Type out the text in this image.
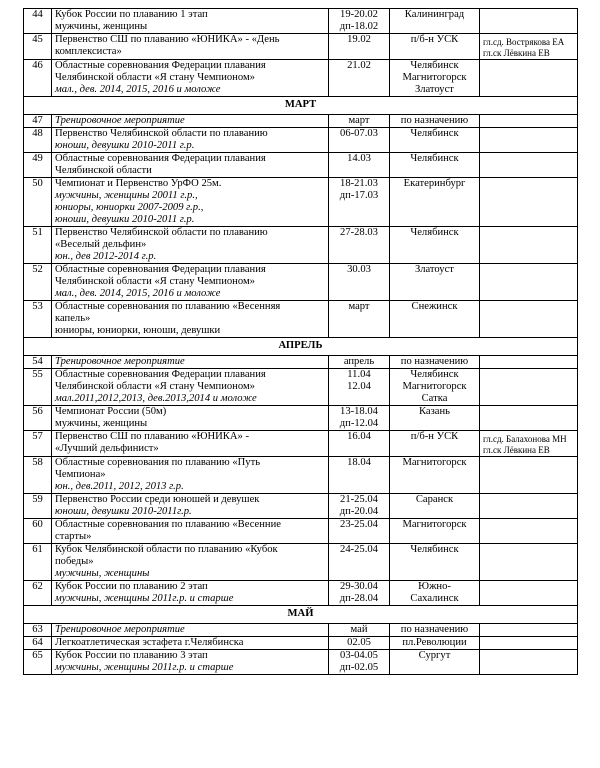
44	Кубок России по плаванию 1 этап
мужчины, женщины	19-20.02
дп-18.02	Калининград	

45	Первенство СШ по плаванию «ЮНИКА» - «День
комплексиста»	19.02	п/б-н УСК	гл.сд. Вострякова ЕА
гл.ск Лёвкина ЕВ

46	Областные соревнования Федерации плавания
Челябинской области «Я стану Чемпионом»
мал., дев. 2014, 2015, 2016 и моложе	21.02	Челябинск
Магнитогорск
Златоуст	

МАРТ				
47	Тренировочное мероприятие	март	по назначению	

48	Первенство Челябинской области по плаванию
юноши, девушки 2010-2011 г.р.	06-07.03	Челябинск	

49	Областные соревнования Федерации плавания
Челябинской области	14.03	Челябинск	

50	Чемпионат и Первенство УрФО 25м.
мужчины, женщины 20011 г.р.,
юниоры, юниорки 2007-2009 г.р.,
юноши, девушки 2010-2011 г.р.	18-21.03
дп-17.03	Екатеринбург	

51	Первенство Челябинской области по плаванию
«Веселый дельфин»
юн., дев 2012-2014 г.р.	27-28.03	Челябинск	

52	Областные соревнования Федерации плавания
Челябинской области «Я стану Чемпионом»
мал., дев. 2014, 2015, 2016 и моложе	30.03	Златоуст	

53	Областные соревнования по плаванию «Весенняя
капель»
юниоры, юниорки, юноши, девушки	март	Снежинск	

АПРЕЛЬ				
54	Тренировочное мероприятие	апрель	по назначению	

55	Областные соревнования Федерации плавания
Челябинской области «Я стану Чемпионом»
мал.2011,2012,2013, дев.2013,2014 и моложе	11.04
12.04	Челябинск
Магнитогорск
Сатка	

56	Чемпионат России (50м)
мужчины, женщины	13-18.04
дп-12.04	Казань	

57	Первенство СШ по плаванию «ЮНИКА» -
«Лучший дельфинист»	16.04	п/б-н УСК	гл.сд. Балахонова МН
гл.ск Лёвкина ЕВ

58	Областные соревнования по плаванию «Путь
Чемпиона»
юн., дев.2011, 2012, 2013 г.р.	18.04	Магнитогорск	

59	Первенство России среди юношей и девушек
юноши, девушки 2010-2011г.р.	21-25.04
дп-20.04	Саранск	

60	Областные соревнования по плаванию «Весенние
старты»	23-25.04	Магнитогорск	

61	Кубок Челябинской области по плаванию «Кубок
победы»
мужчины, женщины	24-25.04	Челябинск	

62	Кубок России по плаванию 2 этап
мужчины, женщины 2011г.р. и старше	29-30.04
дп-28.04	Южно-
Сахалинск	

МАЙ				
63	Тренировочное мероприятие	май	по назначению	

64	Легкоатлетическая эстафета г.Челябинска	02.05	пл.Революции	

65	Кубок России по плаванию 3 этап
мужчины, женщины 2011г.р. и старше	03-04.05
дп-02.05	Сургут	
